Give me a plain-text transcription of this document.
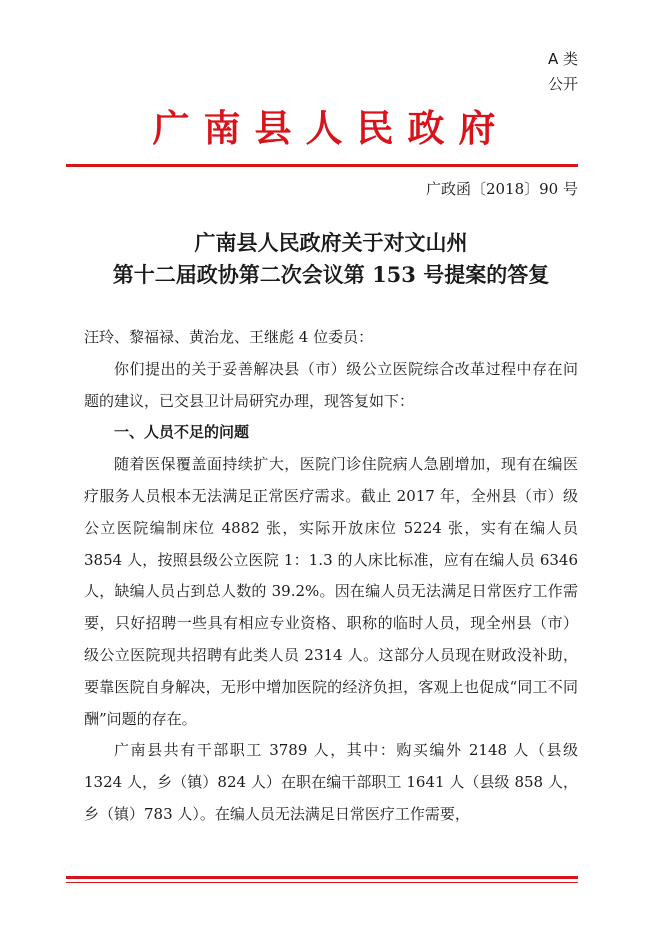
A 类
公开
广南县人民政府
广政函〔2018〕90 号
广南县人民政府关于对文山州
第十二届政协第二次会议第 153 号提案的答复

汪玲、黎福禄、黄治龙、王继彪 4 位委员：

你们提出的关于妥善解决县（市）级公立医院综合改革过程中存在问题的建议，已交县卫计局研究办理，现答复如下：

一、人员不足的问题

随着医保覆盖面持续扩大，医院门诊住院病人急剧增加，现有在编医疗服务人员根本无法满足正常医疗需求。截止 2017 年，全州县（市）级公立医院编制床位 4882 张，实际开放床位 5224 张，实有在编人员 3854 人，按照县级公立医院 1：1.3 的人床比标准，应有在编人员 6346 人，缺编人员占到总人数的 39.2%。因在编人员无法满足日常医疗工作需要，只好招聘一些具有相应专业资格、职称的临时人员，现全州县（市）级公立医院现共招聘有此类人员 2314 人。这部分人员现在财政没补助，要靠医院自身解决，无形中增加医院的经济负担，客观上也促成“同工不同酬”问题的存在。

广南县共有干部职工 3789 人，其中：购买编外 2148 人（县级 1324 人，乡（镇）824 人）在职在编干部职工 1641 人（县级 858 人，乡（镇）783 人）。在编人员无法满足日常医疗工作需要，
